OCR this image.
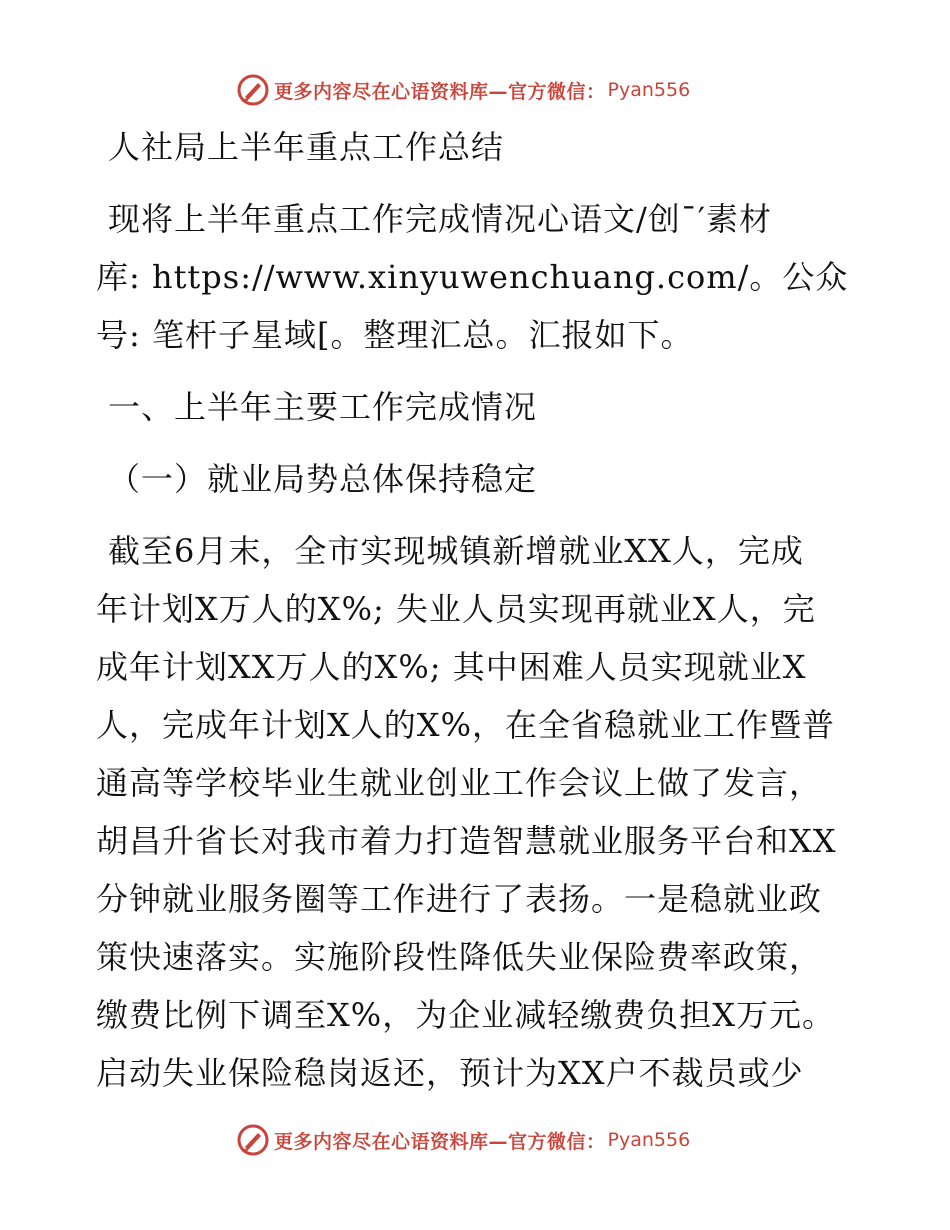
更多内容尽在心语资料库—官方微信： Pyan556
人社局上半年重点工作总结
现将上半年重点工作完成情况心语文/创¯′素材
库: https://www.xinyuwenchuang.com/。公众
号: 笔杆子星域[。整理汇总。汇报如下。
一、上半年主要工作完成情况
（一）就业局势总体保持稳定
截至6月末，全市实现城镇新增就业XX人，完成
年计划X万人的X%; 失业人员实现再就业X人，完
成年计划XX万人的X%; 其中困难人员实现就业X
人，完成年计划X人的X%，在全省稳就业工作暨普
通高等学校毕业生就业创业工作会议上做了发言，
胡昌升省长对我市着力打造智慧就业服务平台和XX
分钟就业服务圈等工作进行了表扬。一是稳就业政
策快速落实。实施阶段性降低失业保险费率政策，
缴费比例下调至X%，为企业减轻缴费负担X万元。
启动失业保险稳岗返还，预计为XX户不裁员或少
更多内容尽在心语资料库—官方微信： Pyan556
